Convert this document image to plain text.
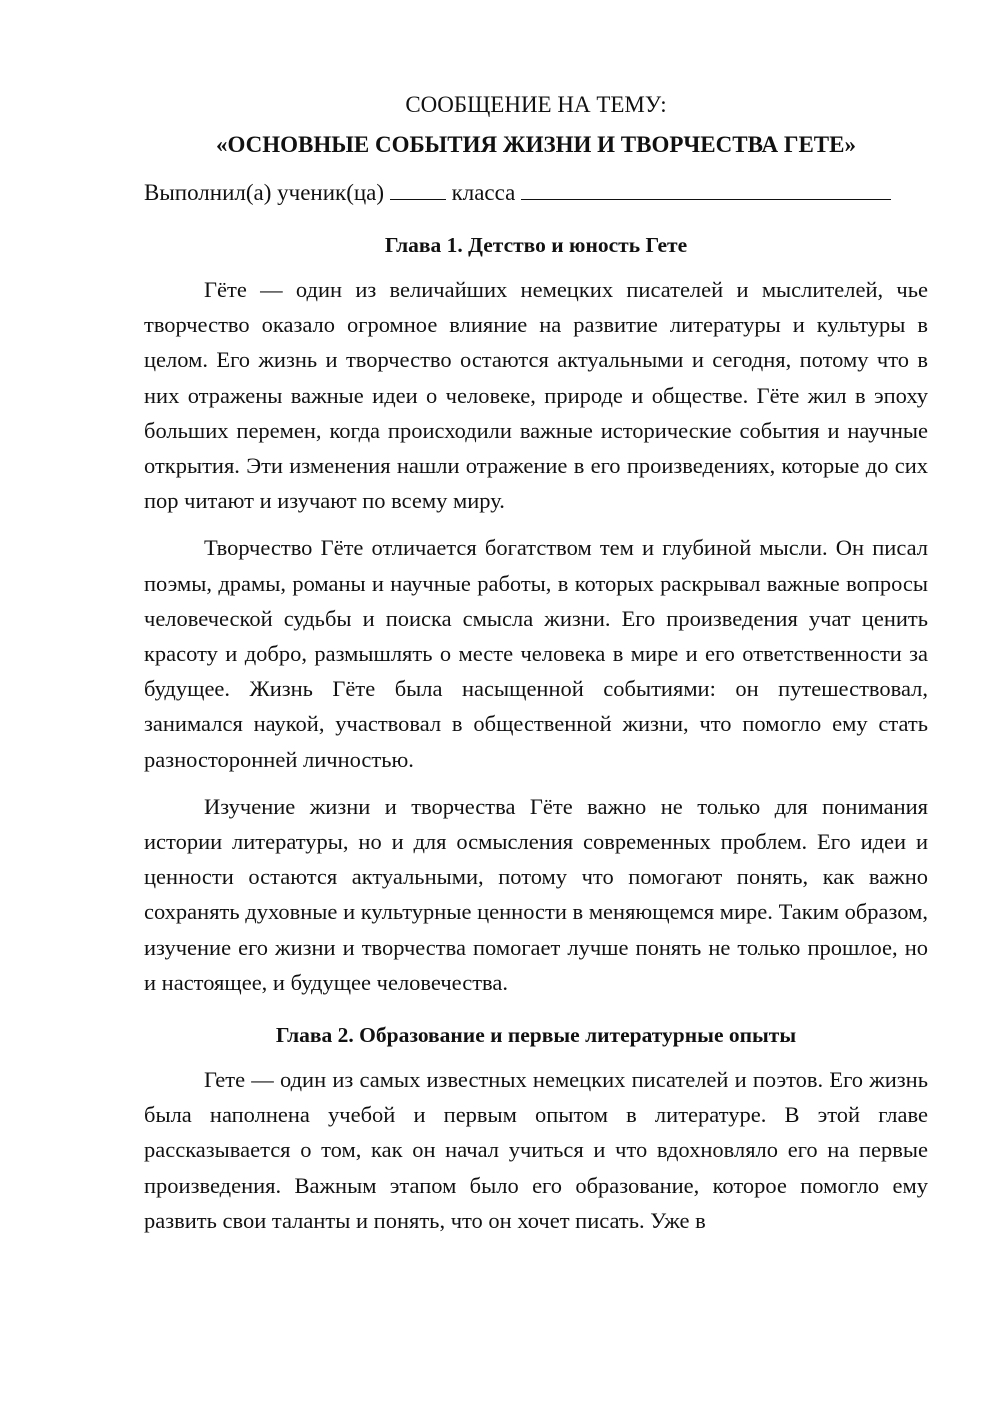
СООБЩЕНИЕ НА ТЕМУ:
«ОСНОВНЫЕ СОБЫТИЯ ЖИЗНИ И ТВОРЧЕСТВА ГЕТЕ»
Выполнил(а) ученик(ца)	класса
Глава 1. Детство и юность Гете

Гёте — один из величайших немецких писателей и мыслителей, чье творчество оказало огромное влияние на развитие литературы и культуры в целом. Его жизнь и творчество остаются актуальными и сегодня, потому что в них отражены важные идеи о человеке, природе и обществе. Гёте жил в эпоху больших перемен, когда происходили важные исторические события и научные открытия. Эти изменения нашли отражение в его произведениях, которые до сих пор читают и изучают по всему миру.

Творчество Гёте отличается богатством тем и глубиной мысли. Он писал поэмы, драмы, романы и научные работы, в которых раскрывал важные вопросы человеческой судьбы и поиска смысла жизни. Его произведения учат ценить красоту и добро, размышлять о месте человека в мире и его ответственности за будущее. Жизнь Гёте была насыщенной событиями: он путешествовал, занимался наукой, участвовал в общественной жизни, что помогло ему стать разносторонней личностью.

Изучение жизни и творчества Гёте важно не только для понимания истории литературы, но и для осмысления современных проблем. Его идеи и ценности остаются актуальными, потому что помогают понять, как важно сохранять духовные и культурные ценности в меняющемся мире. Таким образом, изучение его жизни и творчества помогает лучше понять не только прошлое, но и настоящее, и будущее человечества.

Глава 2. Образование и первые литературные опыты

Гете — один из самых известных немецких писателей и поэтов. Его жизнь была наполнена учебой и первым опытом в литературе. В этой главе рассказывается о том, как он начал учиться и что вдохновляло его на первые произведения. Важным этапом было его образование, которое помогло ему развить свои таланты и понять, что он хочет писать. Уже в
